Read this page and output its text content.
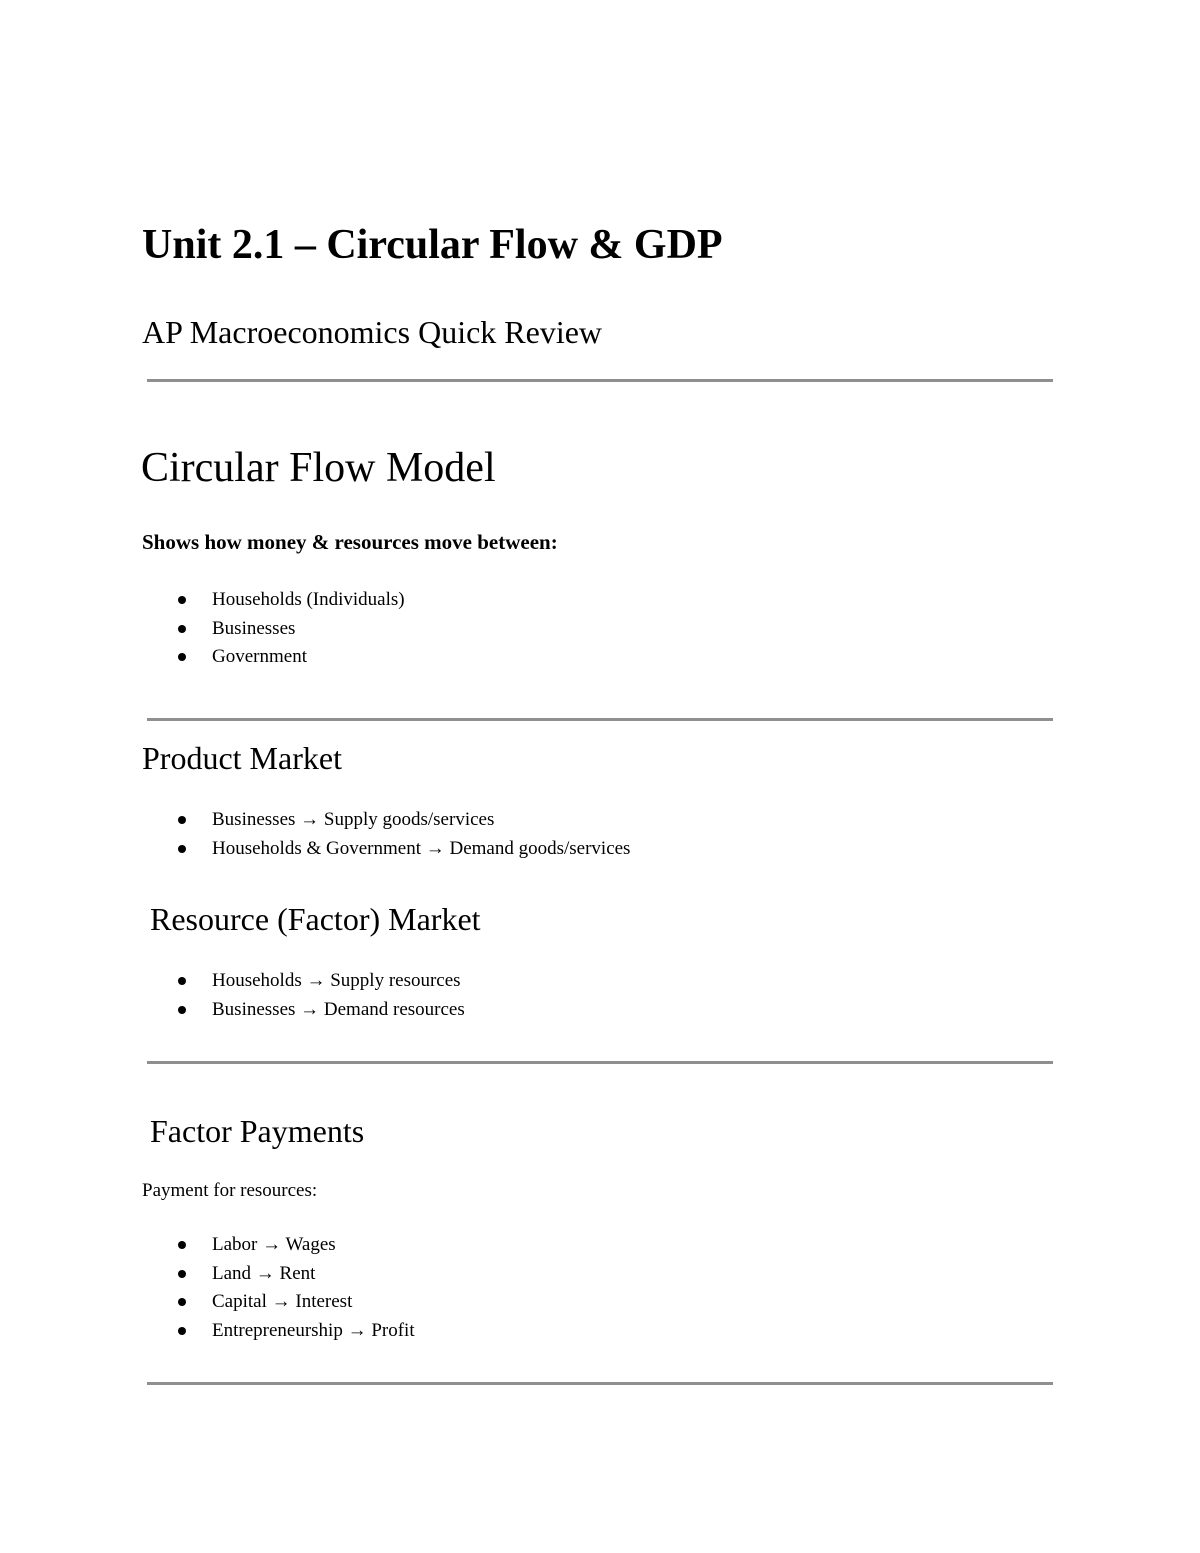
Unit 2.1 – Circular Flow & GDP
AP Macroeconomics Quick Review
Circular Flow Model
Shows how money & resources move between:
Households (Individuals)
Businesses
Government
Product Market
Businesses → Supply goods/services
Households & Government → Demand goods/services
Resource (Factor) Market
Households → Supply resources
Businesses → Demand resources
Factor Payments
Payment for resources:
Labor → Wages
Land → Rent
Capital → Interest
Entrepreneurship → Profit
